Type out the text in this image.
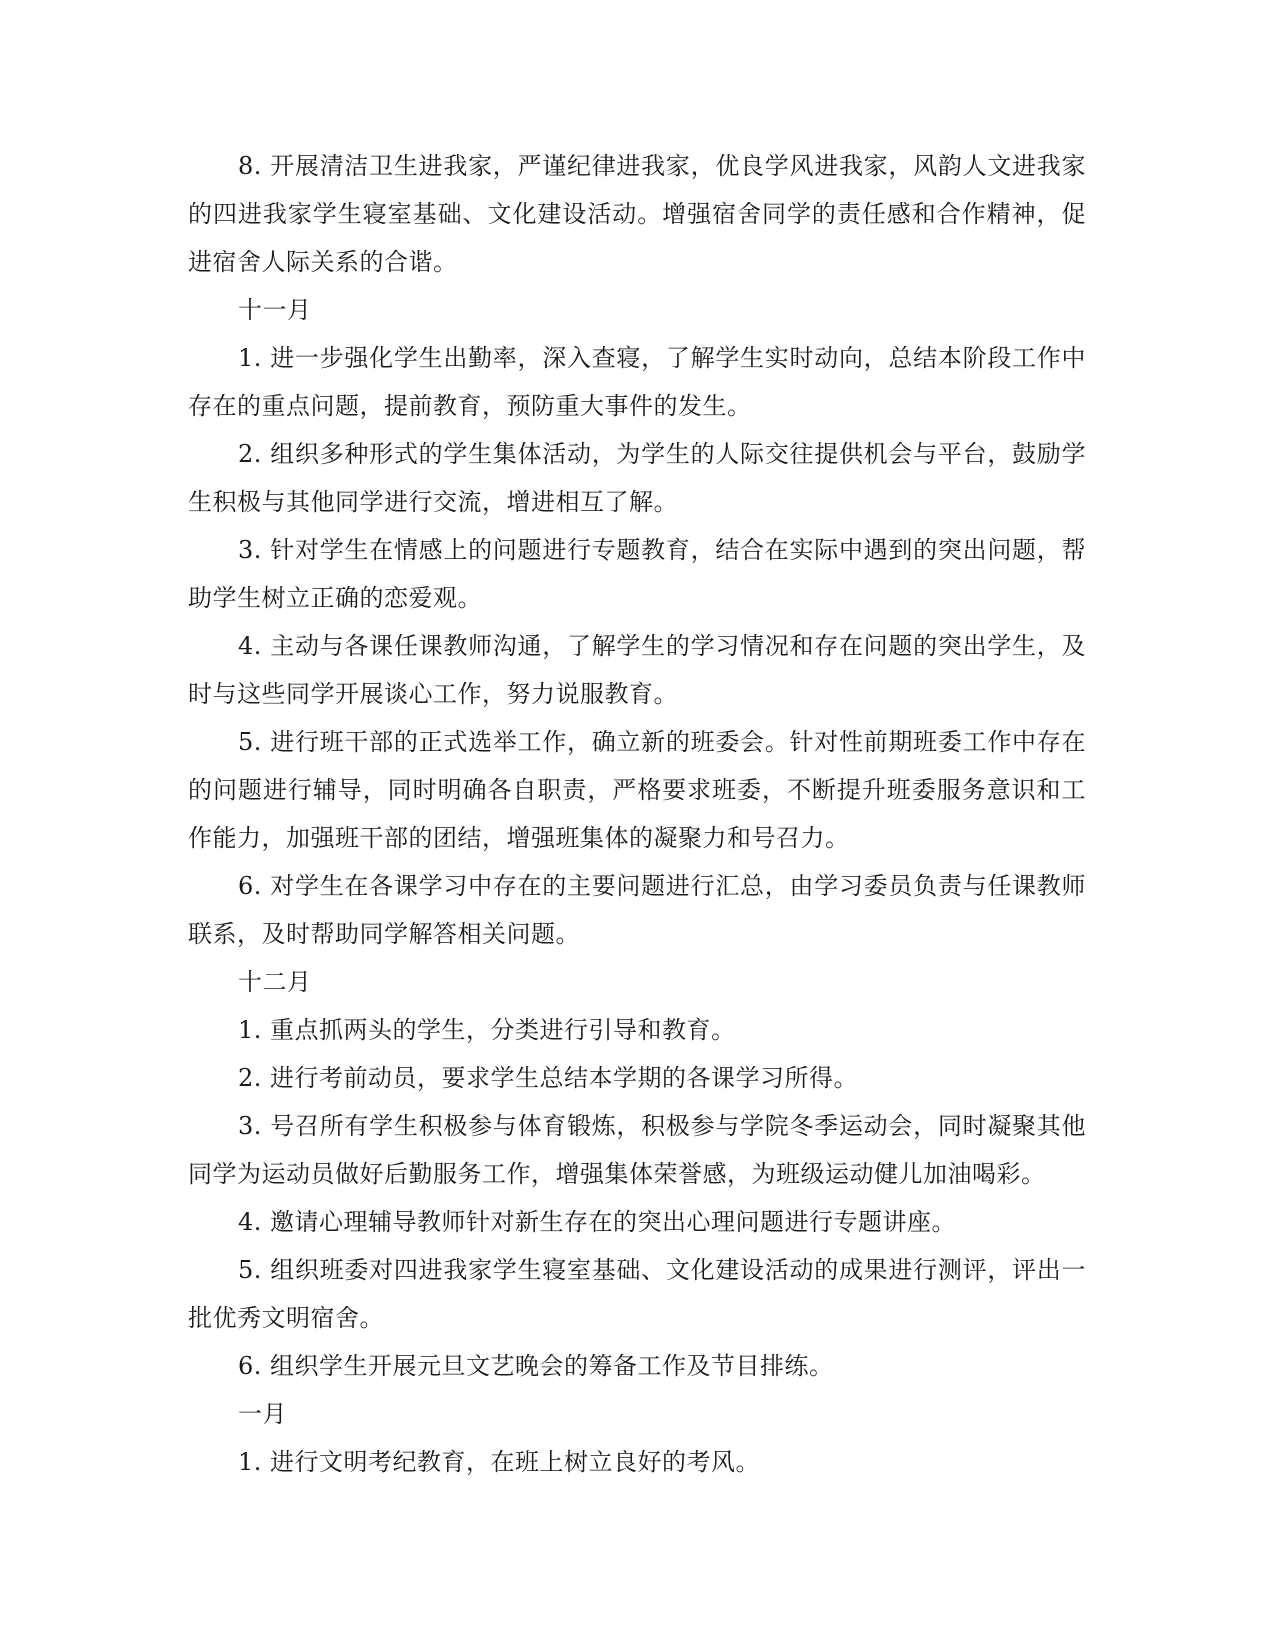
8. 开展清洁卫生进我家，严谨纪律进我家，优良学风进我家，风韵人文进我家的四进我家学生寝室基础、文化建设活动。增强宿舍同学的责任感和合作精神，促进宿舍人际关系的合谐。

十一月

1. 进一步强化学生出勤率，深入查寝，了解学生实时动向，总结本阶段工作中存在的重点问题，提前教育，预防重大事件的发生。

2. 组织多种形式的学生集体活动，为学生的人际交往提供机会与平台，鼓励学生积极与其他同学进行交流，增进相互了解。

3. 针对学生在情感上的问题进行专题教育，结合在实际中遇到的突出问题，帮助学生树立正确的恋爱观。

4. 主动与各课任课教师沟通，了解学生的学习情况和存在问题的突出学生，及时与这些同学开展谈心工作，努力说服教育。

5. 进行班干部的正式选举工作，确立新的班委会。针对性前期班委工作中存在的问题进行辅导，同时明确各自职责，严格要求班委，不断提升班委服务意识和工作能力，加强班干部的团结，增强班集体的凝聚力和号召力。

6. 对学生在各课学习中存在的主要问题进行汇总，由学习委员负责与任课教师联系，及时帮助同学解答相关问题。

十二月

1. 重点抓两头的学生，分类进行引导和教育。

2. 进行考前动员，要求学生总结本学期的各课学习所得。

3. 号召所有学生积极参与体育锻炼，积极参与学院冬季运动会，同时凝聚其他同学为运动员做好后勤服务工作，增强集体荣誉感，为班级运动健儿加油喝彩。

4. 邀请心理辅导教师针对新生存在的突出心理问题进行专题讲座。

5. 组织班委对四进我家学生寝室基础、文化建设活动的成果进行测评，评出一批优秀文明宿舍。

6. 组织学生开展元旦文艺晚会的筹备工作及节目排练。

一月

1. 进行文明考纪教育，在班上树立良好的考风。
